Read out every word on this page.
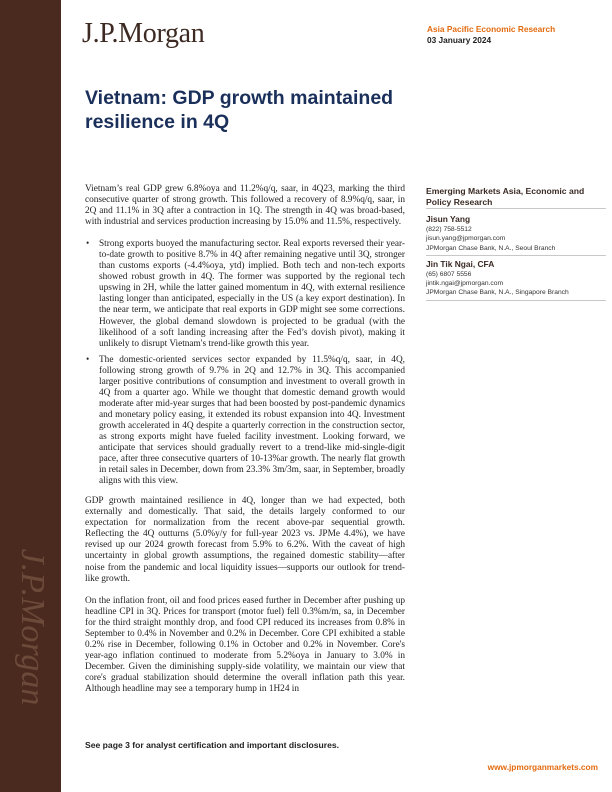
J.P.Morgan
J.P.Morgan	Asia Pacific Economic Research
03 January 2024
Vietnam: GDP growth maintained resilience in 4Q

Vietnam’s real GDP grew 6.8%oya and 11.2%q/q, saar, in 4Q23, marking the third consecutive quarter of strong growth. This followed a recovery of 8.9%q/q, saar, in 2Q and 11.1% in 3Q after a contraction in 1Q. The strength in 4Q was broad-based, with industrial and services production increasing by 15.0% and 11.5%, respectively.

• Strong exports buoyed the manufacturing sector. Real exports reversed their year-to-date growth to positive 8.7% in 4Q after remaining negative until 3Q, stronger than customs exports (-4.4%oya, ytd) implied. Both tech and non-tech exports showed robust growth in 4Q. The former was supported by the regional tech upswing in 2H, while the latter gained momentum in 4Q, with external resilience lasting longer than anticipated, especially in the US (a key export destination). In the near term, we anticipate that real exports in GDP might see some corrections. However, the global demand slowdown is projected to be gradual (with the likelihood of a soft landing increasing after the Fed’s dovish pivot), making it unlikely to disrupt Vietnam's trend-like growth this year.
• The domestic-oriented services sector expanded by 11.5%q/q, saar, in 4Q, following strong growth of 9.7% in 2Q and 12.7% in 3Q. This accompanied larger positive contributions of consumption and investment to overall growth in 4Q from a quarter ago. While we thought that domestic demand growth would moderate after mid-year surges that had been boosted by post-pandemic dynamics and monetary policy easing, it extended its robust expansion into 4Q. Investment growth accelerated in 4Q despite a quarterly correction in the construction sector, as strong exports might have fueled facility investment. Looking forward, we anticipate that services should gradually revert to a trend-like mid-single-digit pace, after three consecutive quarters of 10-13%ar growth. The nearly flat growth in retail sales in December, down from 23.3% 3m/3m, saar, in September, broadly aligns with this view.

GDP growth maintained resilience in 4Q, longer than we had expected, both externally and domestically. That said, the details largely conformed to our expectation for normalization from the recent above-par sequential growth. Reflecting the 4Q outturns (5.0%y/y for full-year 2023 vs. JPMe 4.4%), we have revised up our 2024 growth forecast from 5.9% to 6.2%. With the caveat of high uncertainty in global growth assumptions, the regained domestic stability—after noise from the pandemic and local liquidity issues—supports our outlook for trend-like growth.

On the inflation front, oil and food prices eased further in December after pushing up headline CPI in 3Q. Prices for transport (motor fuel) fell 0.3%m/m, sa, in December for the third straight monthly drop, and food CPI reduced its increases from 0.8% in September to 0.4% in November and 0.2% in December. Core CPI exhibited a stable 0.2% rise in December, following 0.1% in October and 0.2% in November. Core's year-ago inflation continued to moderate from 5.2%oya in January to 3.0% in December. Given the diminishing supply-side volatility, we maintain our view that core's gradual stabilization should determine the overall inflation path this year. Although headline may see a temporary hump in 1H24 in

Emerging Markets Asia, Economic and Policy Research
Jisun Yang
(822) 758-5512
jisun.yang@jpmorgan.com
JPMorgan Chase Bank, N.A., Seoul Branch
Jin Tik Ngai, CFA
(65) 6807 5556
jintik.ngai@jpmorgan.com
JPMorgan Chase Bank, N.A., Singapore Branch
See page 3 for analyst certification and important disclosures.
www.jpmorganmarkets.com
